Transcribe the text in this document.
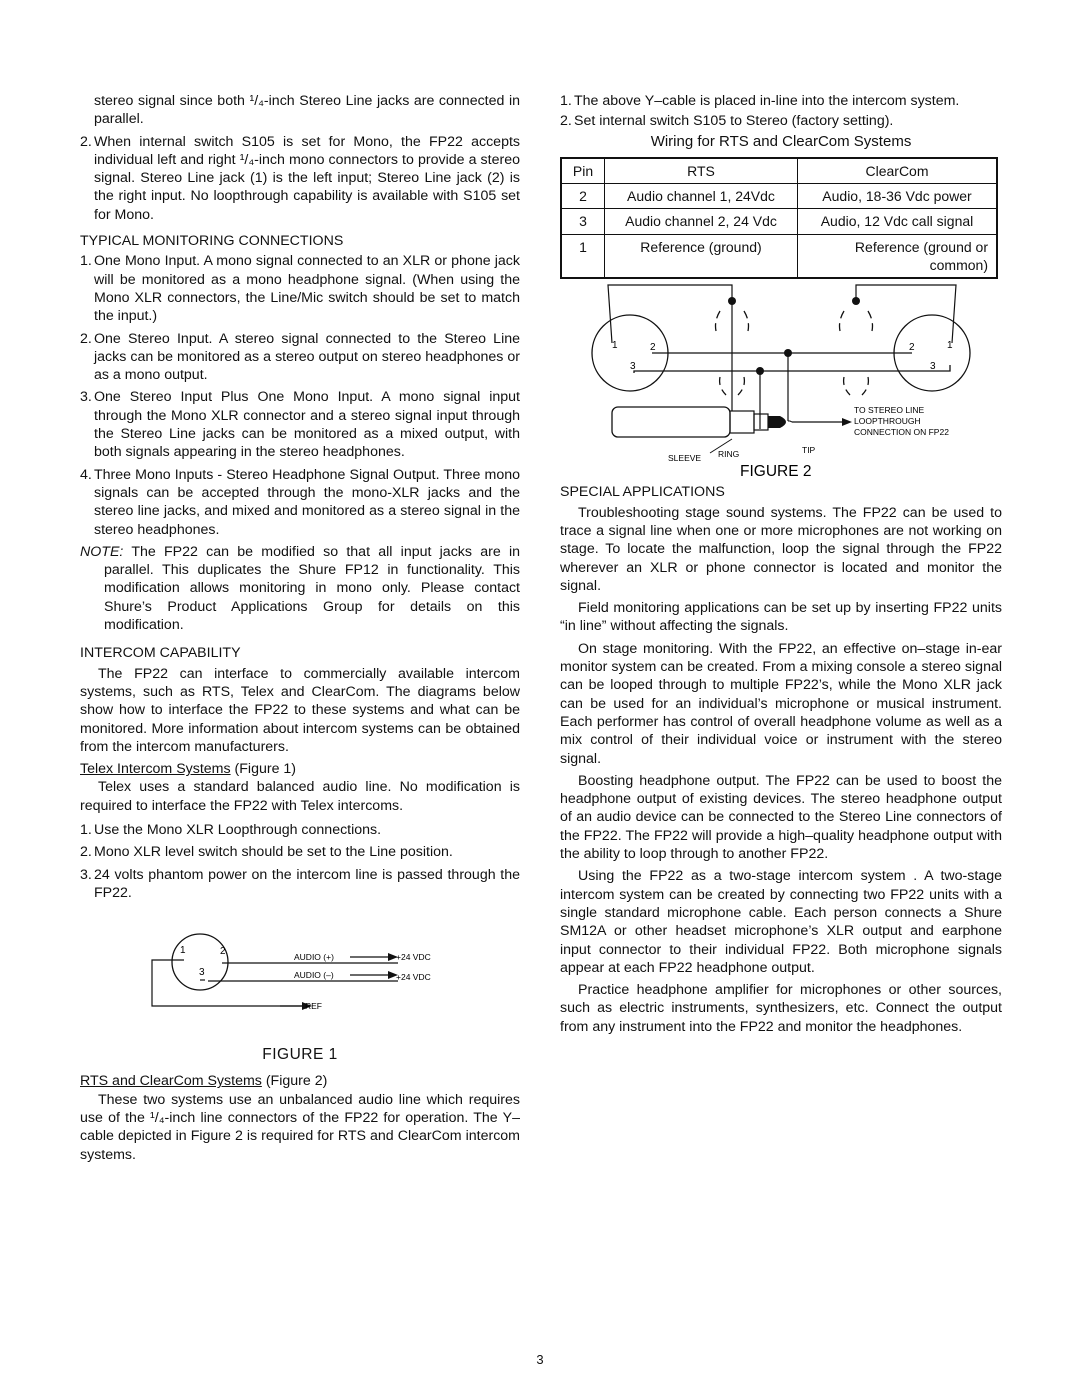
stereo signal since both ¹/₄-inch Stereo Line jacks are connected in parallel.

2. When internal switch S105 is set for Mono, the FP22 accepts individual left and right ¹/₄-inch mono connectors to provide a stereo signal. Stereo Line jack (1) is the left input; Stereo Line jack (2) is the right input. No loopthrough capability is available with S105 set for Mono.

TYPICAL MONITORING CONNECTIONS

1. One Mono Input. A mono signal connected to an XLR or phone jack will be monitored as a mono headphone signal. (When using the Mono XLR connectors, the Line/Mic switch should be set to match the input.)
2. One Stereo Input. A stereo signal connected to the Stereo Line jacks can be monitored as a stereo output on stereo headphones or as a mono output.
3. One Stereo Input Plus One Mono Input. A mono signal input through the Mono XLR connector and a stereo signal input through the Stereo Line jacks can be monitored as a mixed output, with both signals appearing in the stereo headphones.
4. Three Mono Inputs - Stereo Headphone Signal Output. Three mono signals can be accepted through the mono-XLR jacks and the stereo line jacks, and mixed and monitored as a stereo signal in the stereo headphones.

NOTE: The FP22 can be modified so that all input jacks are in parallel. This duplicates the Shure FP12 in functionality. This modification allows monitoring in mono only. Please contact Shure’s Product Applications Group for details on this modification.

INTERCOM CAPABILITY

The FP22 can interface to commercially available intercom systems, such as RTS, Telex and ClearCom. The diagrams below show how to interface the FP22 to these systems and what can be monitored. More information about intercom systems can be obtained from the intercom manufacturers.

Telex Intercom Systems (Figure 1)

Telex uses a standard balanced audio line. No modification is required to interface the FP22 with Telex intercoms.

1. Use the Mono XLR Loopthrough connections.
2. Mono XLR level switch should be set to the Line position.
3. 24 volts phantom power on the intercom line is passed through the FP22.
1	2
3
AUDIO (+)
AUDIO (–)
+24 VDC
+24 VDC
REF
FIGURE 1

RTS and ClearCom Systems (Figure 2)

These two systems use an unbalanced audio line which requires use of the ¹/₄-inch line connectors of the FP22 for operation. The Y–cable depicted in Figure 2 is required for RTS and ClearCom intercom systems.

1. The above Y–cable is placed in-line into the intercom system.
2. Set internal switch S105 to Stereo (factory setting).
Wiring for RTS and ClearCom Systems
Pin	RTS	ClearCom
2	Audio channel 1, 24Vdc	Audio, 18-36 Vdc power
3	Audio channel 2, 24 Vdc	Audio, 12 Vdc call signal
1	Reference (ground)	Reference (ground or common)
1	2
3
2	1
3
TO STEREO LINE
LOOPTHROUGH
CONNECTION ON FP22
SLEEVE RING	TIP
FIGURE 2

SPECIAL APPLICATIONS

Troubleshooting stage sound systems. The FP22 can be used to trace a signal line when one or more microphones are not working on stage. To locate the malfunction, loop the signal through the FP22 wherever an XLR or phone connector is located and monitor the signal.

Field monitoring applications can be set up by inserting FP22 units “in line” without affecting the signals.

On stage monitoring. With the FP22, an effective on–stage in-ear monitor system can be created. From a mixing console a stereo signal can be looped through to multiple FP22’s, while the Mono XLR jack can be used for an individual’s microphone or musical instrument. Each performer has control of overall headphone volume as well as a mix control of their individual voice or instrument with the stereo signal.

Boosting headphone output. The FP22 can be used to boost the headphone output of existing devices. The stereo headphone output of an audio device can be connected to the Stereo Line connectors of the FP22. The FP22 will provide a high–quality headphone output with the ability to loop through to another FP22.

Using the FP22 as a two-stage intercom system . A two-stage intercom system can be created by connecting two FP22 units with a single standard microphone cable. Each person connects a Shure SM12A or other headset microphone’s XLR output and earphone input connector to their individual FP22. Both microphone signals appear at each FP22 headphone output.

Practice headphone amplifier for microphones or other sources, such as electric instruments, synthesizers, etc. Connect the output from any instrument into the FP22 and monitor the headphones.

3
